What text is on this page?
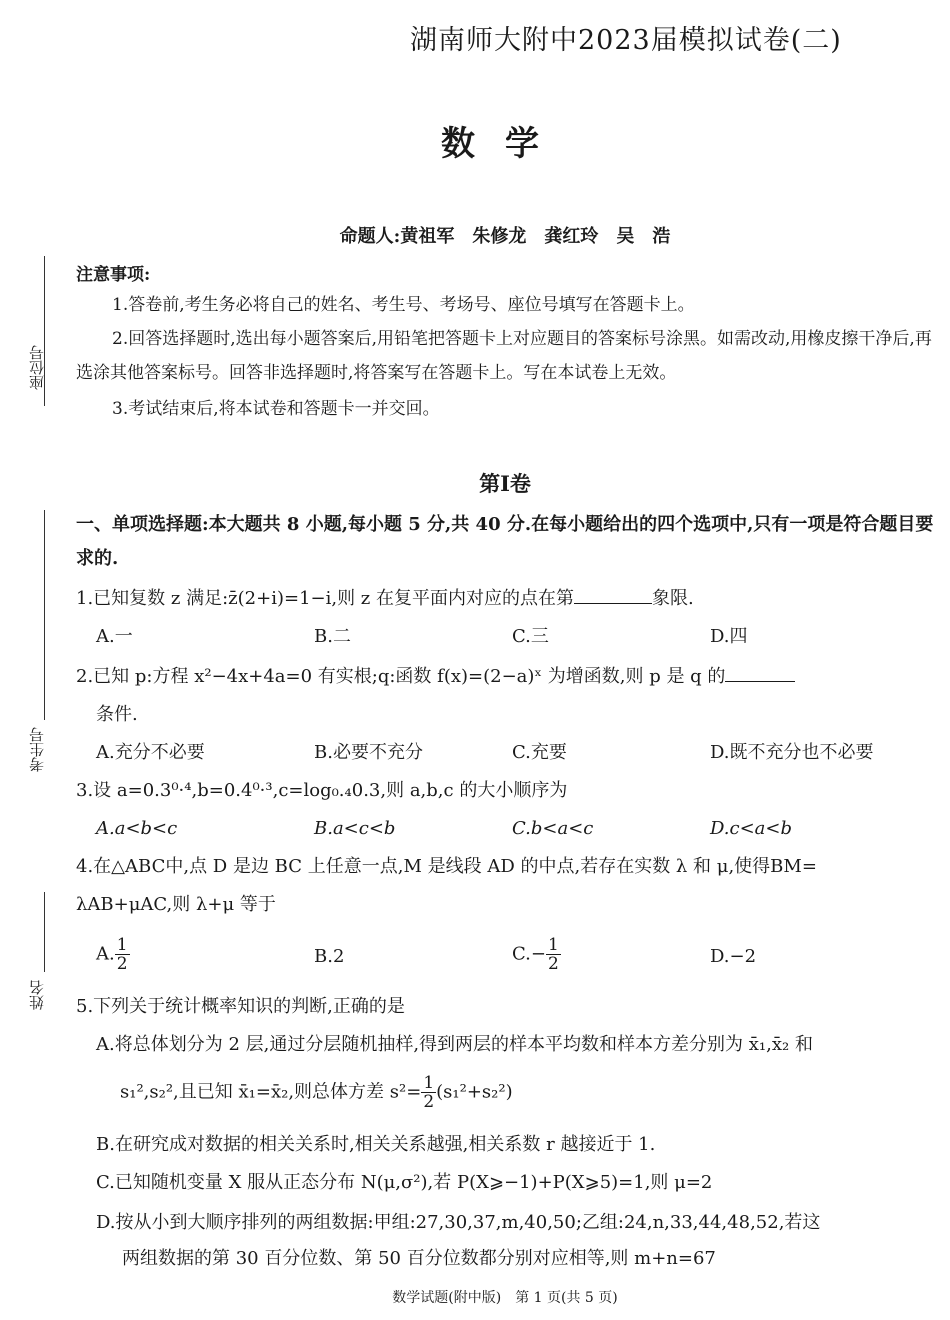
湖南师大附中2023届模拟试卷(二)
数学
命题人:黄祖军　朱修龙　龚红玲　吴　浩
座位号
考生号
姓名
注意事项:
1.答卷前,考生务必将自己的姓名、考生号、考场号、座位号填写在答题卡上。
2.回答选择题时,选出每小题答案后,用铅笔把答题卡上对应题目的答案标号涂黑。如需改动,用橡皮擦干净后,再选涂其他答案标号。回答非选择题时,将答案写在答题卡上。写在本试卷上无效。
3.考试结束后,将本试卷和答题卡一并交回。
第Ⅰ卷
一、单项选择题:本大题共 8 小题,每小题 5 分,共 40 分.在每小题给出的四个选项中,只有一项是符合题目要求的.
1.已知复数 z 满足:z̄(2+i)=1−i,则 z 在复平面内对应的点在第	象限.
A.一	B.二	C.三	D.四
2.已知 p:方程 x²−4x+4a=0 有实根;q:函数 f(x)=(2−a)ˣ 为增函数,则 p 是 q 的
条件.
A.充分不必要	B.必要不充分	C.充要	D.既不充分也不必要
3.设 a=0.3⁰·⁴,b=0.4⁰·³,c=log₀.₄0.3,则 a,b,c 的大小顺序为
A.a<b<c	B.a<c<b	C.b<a<c	D.c<a<b
4.在△ABC中,点 D 是边 BC 上任意一点,M 是线段 AD 的中点,若存在实数 λ 和 μ,使得BM=
λAB+μAC,则 λ+μ 等于
A. $\frac{1}{2}$	B.2	$C.- \frac{1}{2}$	D.−2
5.下列关于统计概率知识的判断,正确的是
A.将总体划分为 2 层,通过分层随机抽样,得到两层的样本平均数和样本方差分别为 x̄₁,x̄₂ 和
s₁²,s₂²,且已知 x̄₁=x̄₂,则总体方差 $s^2= \frac{1}{2} (s_1^2+s_2^2)$
B.在研究成对数据的相关关系时,相关关系越强,相关系数 r 越接近于 1.
C.已知随机变量 X 服从正态分布 N(μ,σ²),若 P(X⩾−1)+P(X⩾5)=1,则 μ=2
D.按从小到大顺序排列的两组数据:甲组:27,30,37,m,40,50;乙组:24,n,33,44,48,52,若这
两组数据的第 30 百分位数、第 50 百分位数都分别对应相等,则 m+n=67
数学试题(附中版)　第 1 页(共 5 页)
